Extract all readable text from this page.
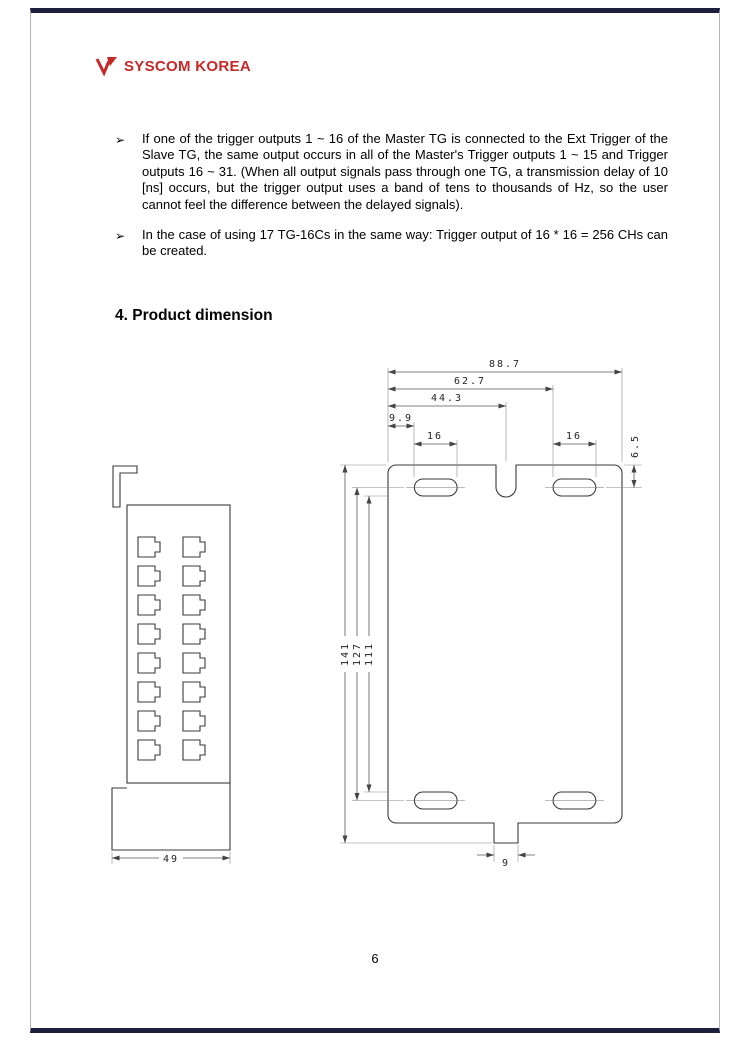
SYSCOM KOREA
➢ If one of the trigger outputs 1 ~ 16 of the Master TG is connected to the Ext Trigger of the Slave TG, the same output occurs in all of the Master's Trigger outputs 1 ~ 15 and Trigger outputs 16 ~ 31. (When all output signals pass through one TG, a transmission delay of 10 [ns] occurs, but the trigger output uses a band of tens to thousands of Hz, so the user cannot feel the difference between the delayed signals).
➢ In the case of using 17 TG-16Cs in the same way: Trigger output of 16 * 16 = 256 CHs can be created.
4. Product dimension
49
88.7
62.7
44.3
9.9
16	16	6.5
141 127 111
9
6
